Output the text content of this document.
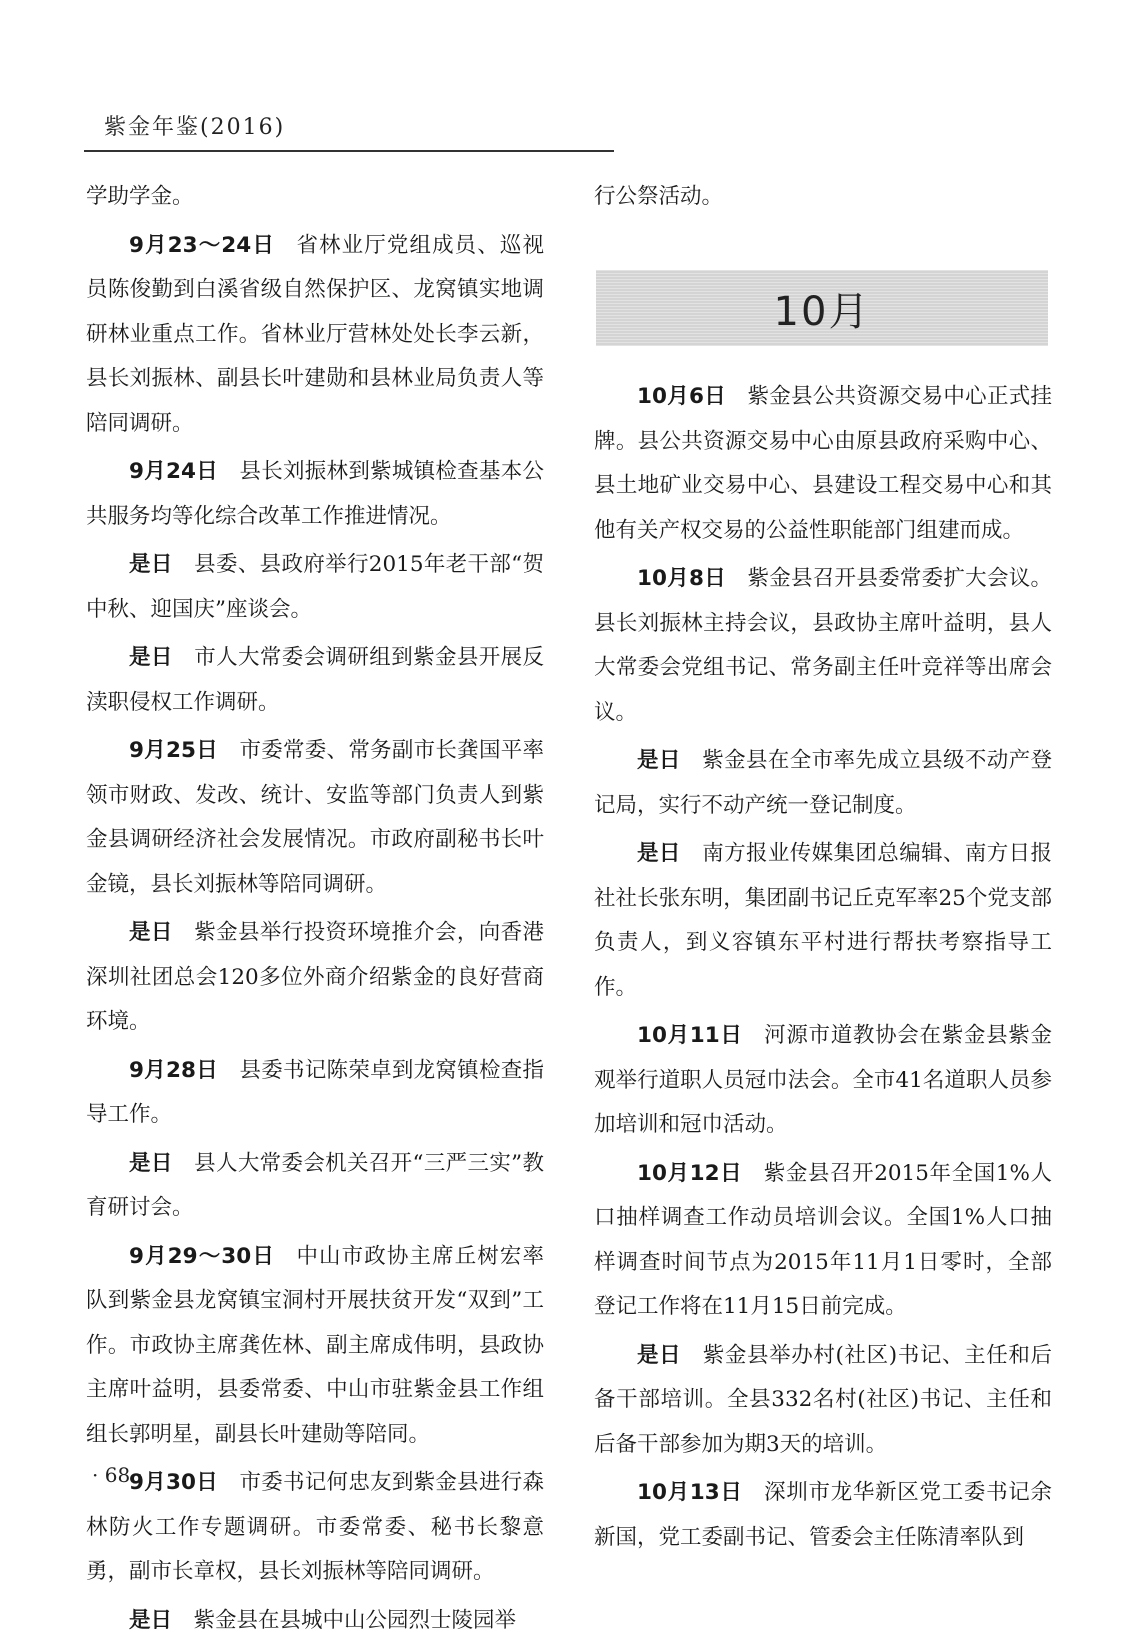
紫金年鉴(2016)

学助学金。

9月23～24日 省林业厅党组成员、巡视员陈俊勤到白溪省级自然保护区、龙窝镇实地调研林业重点工作。省林业厅营林处处长李云新，县长刘振林、副县长叶建勋和县林业局负责人等陪同调研。

9月24日 县长刘振林到紫城镇检查基本公共服务均等化综合改革工作推进情况。

是日 县委、县政府举行2015年老干部“贺中秋、迎国庆”座谈会。

是日 市人大常委会调研组到紫金县开展反渎职侵权工作调研。

9月25日 市委常委、常务副市长龚国平率领市财政、发改、统计、安监等部门负责人到紫金县调研经济社会发展情况。市政府副秘书长叶金镜，县长刘振林等陪同调研。

是日 紫金县举行投资环境推介会，向香港深圳社团总会120多位外商介绍紫金的良好营商环境。

9月28日 县委书记陈荣卓到龙窝镇检查指导工作。

是日 县人大常委会机关召开“三严三实”教育研讨会。

9月29～30日 中山市政协主席丘树宏率队到紫金县龙窝镇宝洞村开展扶贫开发“双到”工作。市政协主席龚佐林、副主席成伟明，县政协主席叶益明，县委常委、中山市驻紫金县工作组组长郭明星，副县长叶建勋等陪同。

9月30日 市委书记何忠友到紫金县进行森林防火工作专题调研。市委常委、秘书长黎意勇，副市长章权，县长刘振林等陪同调研。

是日 紫金县在县城中山公园烈士陵园举

行公祭活动。

10月

10月6日 紫金县公共资源交易中心正式挂牌。县公共资源交易中心由原县政府采购中心、县土地矿业交易中心、县建设工程交易中心和其他有关产权交易的公益性职能部门组建而成。

10月8日 紫金县召开县委常委扩大会议。县长刘振林主持会议，县政协主席叶益明，县人大常委会党组书记、常务副主任叶竞祥等出席会议。

是日 紫金县在全市率先成立县级不动产登记局，实行不动产统一登记制度。

是日 南方报业传媒集团总编辑、南方日报社社长张东明，集团副书记丘克军率25个党支部负责人，到义容镇东平村进行帮扶考察指导工作。

10月11日 河源市道教协会在紫金县紫金观举行道职人员冠巾法会。全市41名道职人员参加培训和冠巾活动。

10月12日 紫金县召开2015年全国1%人口抽样调查工作动员培训会议。全国1%人口抽样调查时间节点为2015年11月1日零时，全部登记工作将在11月15日前完成。

是日 紫金县举办村(社区)书记、主任和后备干部培训。全县332名村(社区)书记、主任和后备干部参加为期3天的培训。

10月13日 深圳市龙华新区党工委书记余新国，党工委副书记、管委会主任陈清率队到

· 68 ·
